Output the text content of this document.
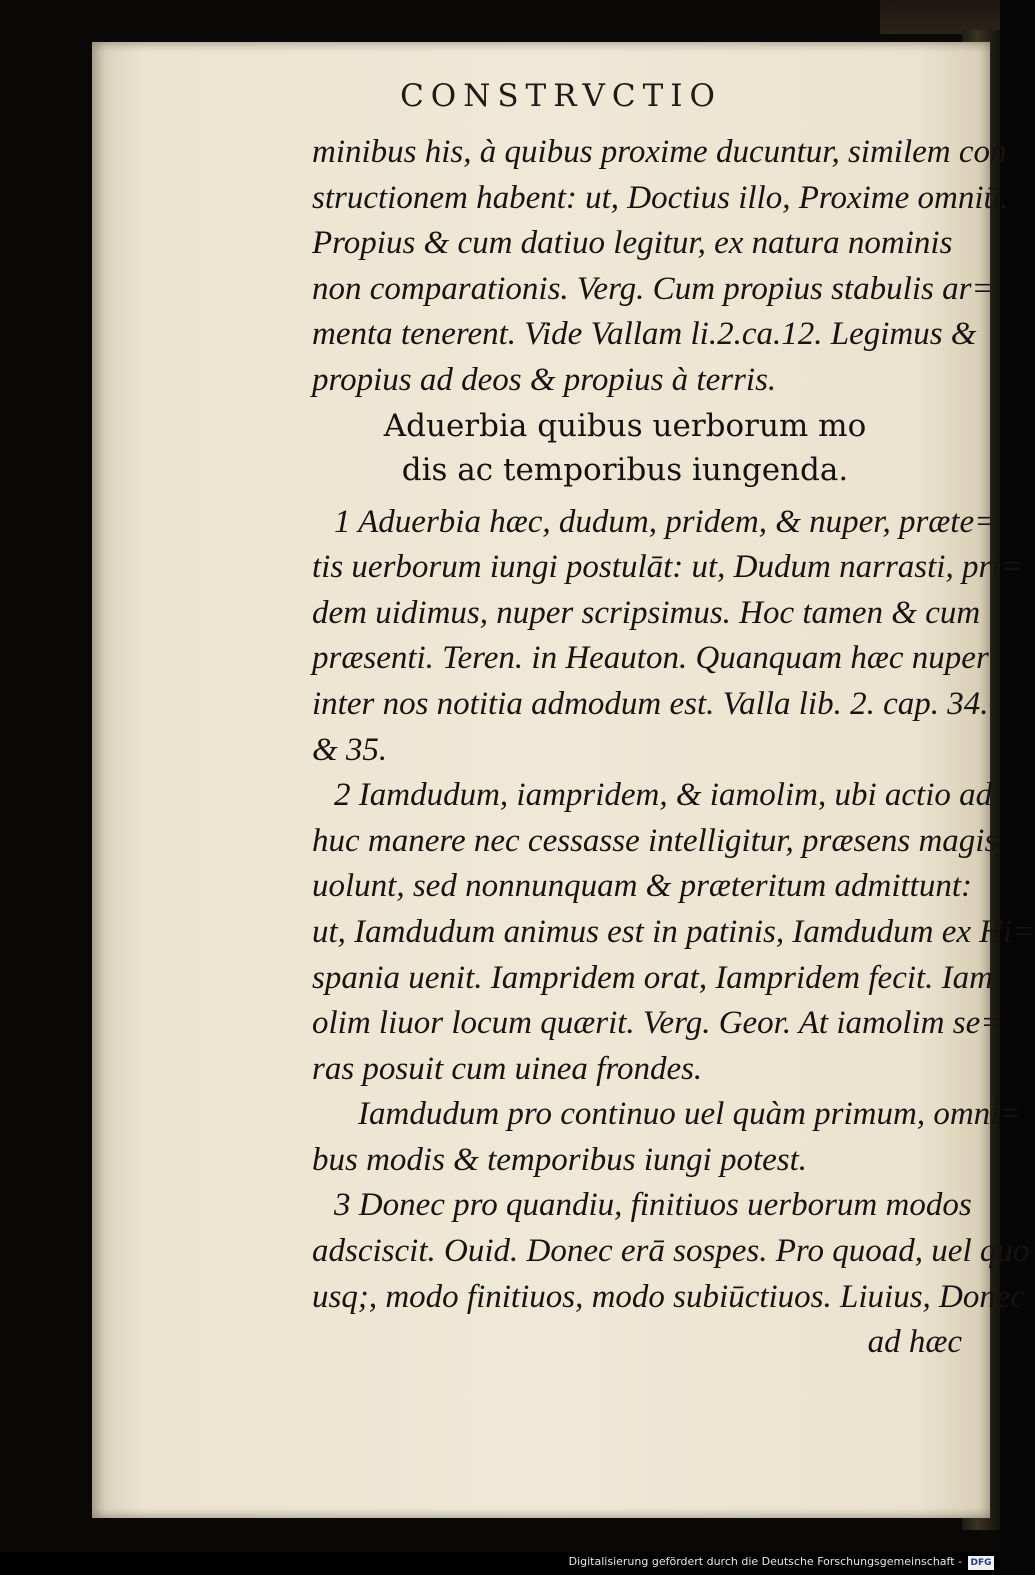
CONSTRVCTIO
minibus his, à quibus proxime ducuntur, similem con
structionem habent: ut, Doctius illo, Proxime omniū.
Propius & cum datiuo legitur, ex natura nominis
non comparationis. Verg. Cum propius stabulis ar=
menta tenerent. Vide Vallam li.2.ca.12. Legimus &
propius ad deos & propius à terris.
Aduerbia quibus uerborum mo
dis ac temporibus iungenda.
1 Aduerbia hæc, dudum, pridem, & nuper, præte=
tis uerborum iungi postulāt: ut, Dudum narrasti, pri=
dem uidimus, nuper scripsimus. Hoc tamen & cum
præsenti. Teren. in Heauton. Quanquam hæc nuper
inter nos notitia admodum est. Valla lib. 2. cap. 34.
& 35.
2 Iamdudum, iampridem, & iamolim, ubi actio ad
huc manere nec cessasse intelligitur, præsens magis
uolunt, sed nonnunquam & præteritum admittunt:
ut, Iamdudum animus est in patinis, Iamdudum ex Hi=
spania uenit. Iampridem orat, Iampridem fecit. Iam
olim liuor locum quærit. Verg. Geor. At iamolim se=
ras posuit cum uinea frondes.
Iamdudum pro continuo uel quàm primum, omni=
bus modis & temporibus iungi potest.
3 Donec pro quandiu, finitiuos uerborum modos
adsciscit. Ouid. Donec erā sospes. Pro quoad, uel quo
usq;, modo finitiuos, modo subiūctiuos. Liuius, Donec
ad hæc
Digitalisierung gefördert durch die Deutsche Forschungsgemeinschaft - DFG
